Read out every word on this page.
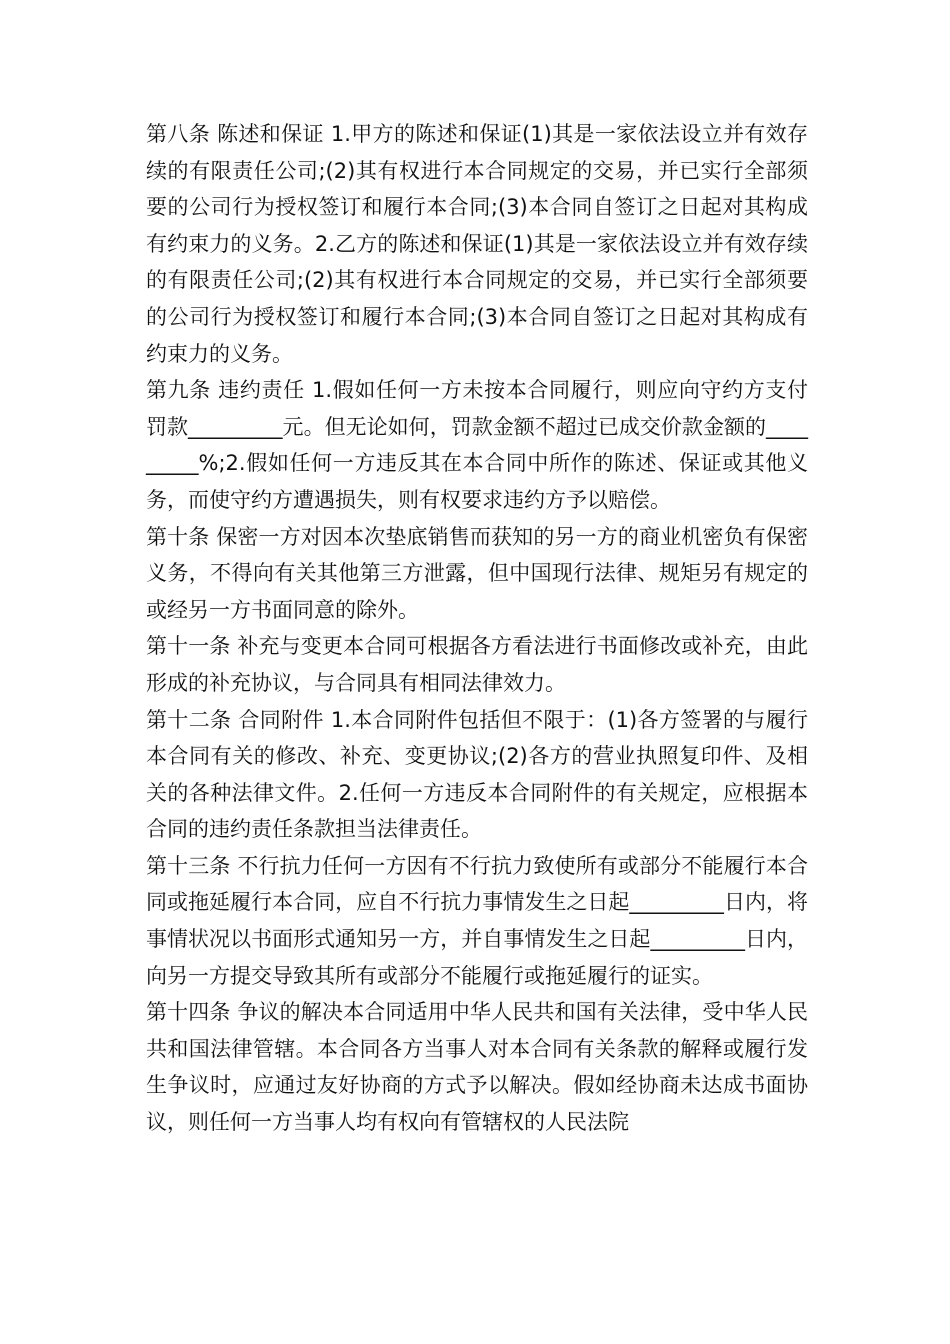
第八条 陈述和保证 1.甲方的陈述和保证(1)其是一家依法设立并有效存续的有限责任公司;(2)其有权进行本合同规定的交易，并已实行全部须要的公司行为授权签订和履行本合同;(3)本合同自签订之日起对其构成有约束力的义务。2.乙方的陈述和保证(1)其是一家依法设立并有效存续的有限责任公司;(2)其有权进行本合同规定的交易，并已实行全部须要的公司行为授权签订和履行本合同;(3)本合同自签订之日起对其构成有约束力的义务。

第九条 违约责任 1.假如任何一方未按本合同履行，则应向守约方支付罚款_________元。但无论如何，罚款金额不超过已成交价款金额的_________%;2.假如任何一方违反其在本合同中所作的陈述、保证或其他义务，而使守约方遭遇损失，则有权要求违约方予以赔偿。

第十条 保密一方对因本次垫底销售而获知的另一方的商业机密负有保密义务，不得向有关其他第三方泄露，但中国现行法律、规矩另有规定的或经另一方书面同意的除外。

第十一条 补充与变更本合同可根据各方看法进行书面修改或补充，由此形成的补充协议，与合同具有相同法律效力。

第十二条 合同附件 1.本合同附件包括但不限于：(1)各方签署的与履行本合同有关的修改、补充、变更协议;(2)各方的营业执照复印件、及相关的各种法律文件。2.任何一方违反本合同附件的有关规定，应根据本合同的违约责任条款担当法律责任。

第十三条 不行抗力任何一方因有不行抗力致使所有或部分不能履行本合同或拖延履行本合同，应自不行抗力事情发生之日起_________日内，将事情状况以书面形式通知另一方，并自事情发生之日起_________日内，向另一方提交导致其所有或部分不能履行或拖延履行的证实。

第十四条 争议的解决本合同适用中华人民共和国有关法律，受中华人民共和国法律管辖。本合同各方当事人对本合同有关条款的解释或履行发生争议时，应通过友好协商的方式予以解决。假如经协商未达成书面协议，则任何一方当事人均有权向有管辖权的人民法院
